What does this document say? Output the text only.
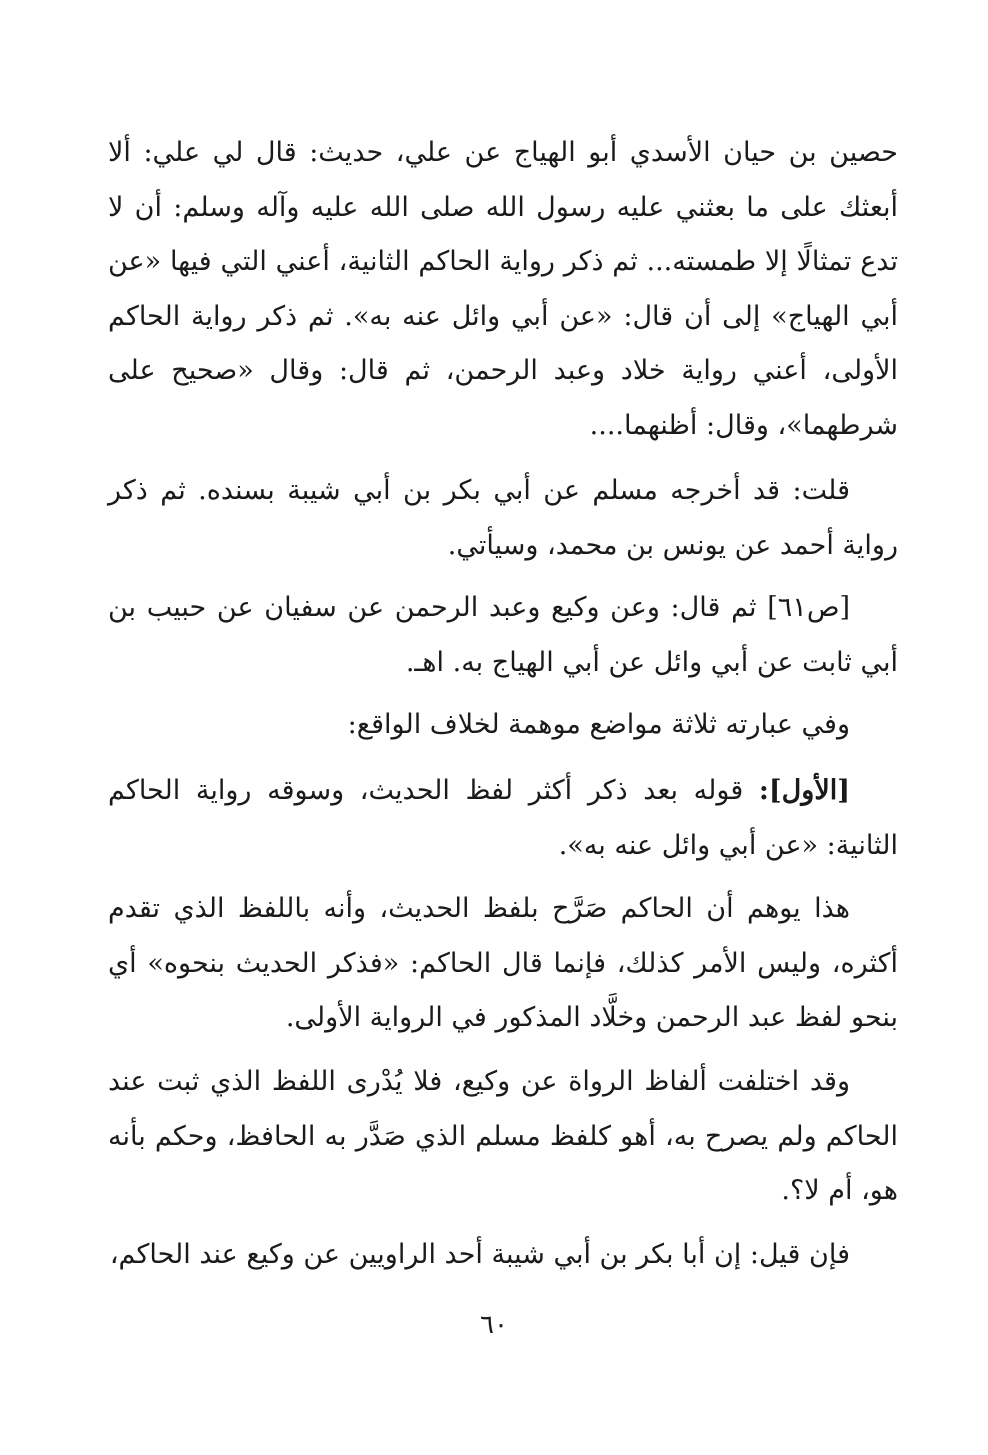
حصين بن حيان الأسدي أبو الهياج عن علي، حديث: قال لي علي: ألا أبعثك على ما بعثني عليه رسول الله صلى الله عليه وآله وسلم: أن لا تدع تمثالًا إلا طمسته... ثم ذكر رواية الحاكم الثانية، أعني التي فيها «عن أبي الهياج» إلى أن قال: «عن أبي وائل عنه به». ثم ذكر رواية الحاكم الأولى، أعني رواية خلاد وعبد الرحمن، ثم قال: وقال «صحيح على شرطهما»، وقال: أظنهما....

قلت: قد أخرجه مسلم عن أبي بكر بن أبي شيبة بسنده. ثم ذكر رواية أحمد عن يونس بن محمد، وسيأتي.

[ص٦١] ثم قال: وعن وكيع وعبد الرحمن عن سفيان عن حبيب بن أبي ثابت عن أبي وائل عن أبي الهياج به. اهـ.

وفي عبارته ثلاثة مواضع موهمة لخلاف الواقع:

[الأول]: قوله بعد ذكر أكثر لفظ الحديث، وسوقه رواية الحاكم الثانية: «عن أبي وائل عنه به».

هذا يوهم أن الحاكم صَرَّح بلفظ الحديث، وأنه باللفظ الذي تقدم أكثره، وليس الأمر كذلك، فإنما قال الحاكم: «فذكر الحديث بنحوه» أي بنحو لفظ عبد الرحمن وخلَّاد المذكور في الرواية الأولى.

وقد اختلفت ألفاظ الرواة عن وكيع، فلا يُدْرى اللفظ الذي ثبت عند الحاكم ولم يصرح به، أهو كلفظ مسلم الذي صَدَّر به الحافظ، وحكم بأنه هو، أم لا؟.

فإن قيل: إن أبا بكر بن أبي شيبة أحد الراويين عن وكيع عند الحاكم،

٦٠
